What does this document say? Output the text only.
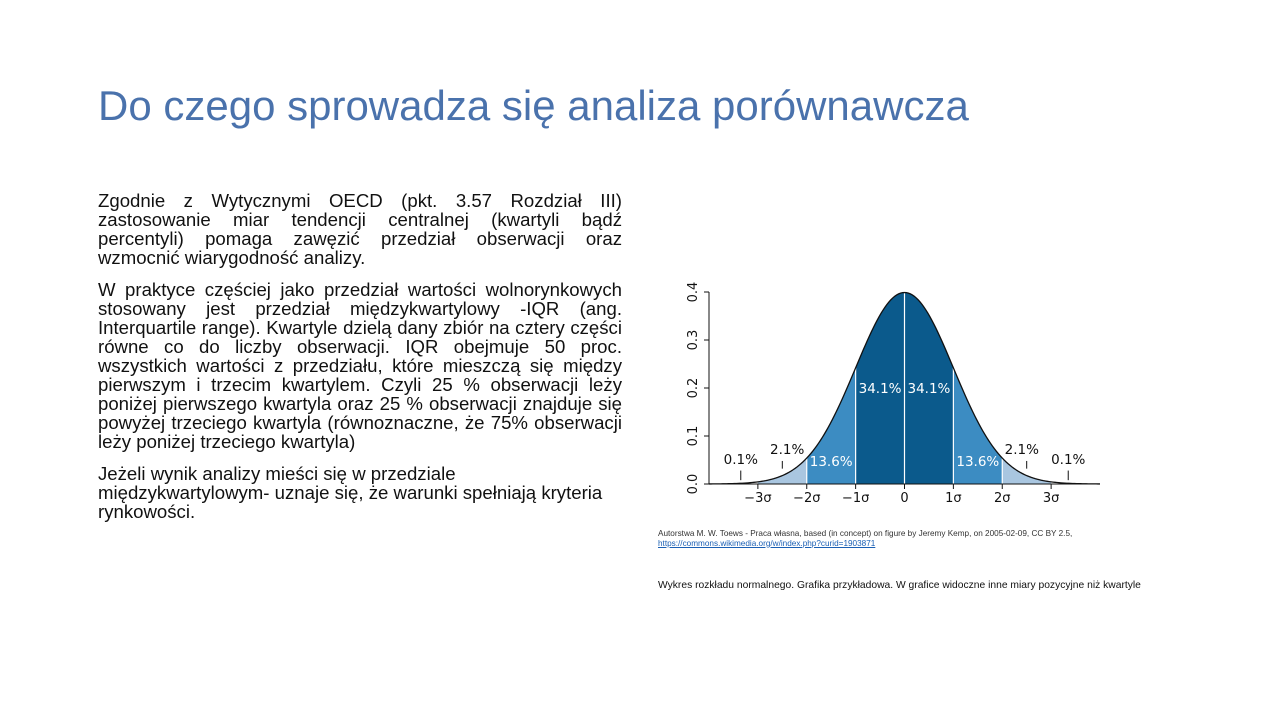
Do czego sprowadza się analiza porównawcza

Zgodnie z Wytycznymi OECD (pkt. 3.57 Rozdział III) zastosowanie miar tendencji centralnej (kwartyli bądź percentyli) pomaga zawęzić przedział obserwacji oraz wzmocnić wiarygodność analizy.

W praktyce częściej jako przedział wartości wolnorynkowych stosowany jest przedział międzykwartylowy -IQR (ang. Interquartile range). Kwartyle dzielą dany zbiór na cztery części równe co do liczby obserwacji. IQR obejmuje 50 proc. wszystkich wartości z przedziału, które mieszczą się między pierwszym i trzecim kwartylem. Czyli 25 % obserwacji leży poniżej pierwszego kwartyla oraz 25 % obserwacji znajduje się powyżej trzeciego kwartyla (równoznaczne, że 75% obserwacji leży poniżej trzeciego kwartyla)

Jeżeli wynik analizy mieści się w przedziale międzykwartylowym- uznaje się, że warunki spełniają kryteria rynkowości.

−3σ −2σ −1σ 0	1σ 2σ 3σ
0.0
0.1
0.2
0.3
0.4
34.1% 34.1%
13.6%	13.6%
2.1%	2.1%
0.1%	0.1%
Autorstwa M. W. Toews - Praca własna, based (in concept) on figure by Jeremy Kemp, on 2005-02-09, CC BY 2.5,
https://commons.wikimedia.org/w/index.php?curid=1903871
Wykres rozkładu normalnego. Grafika przykładowa. W grafice widoczne inne miary pozycyjne niż kwartyle
